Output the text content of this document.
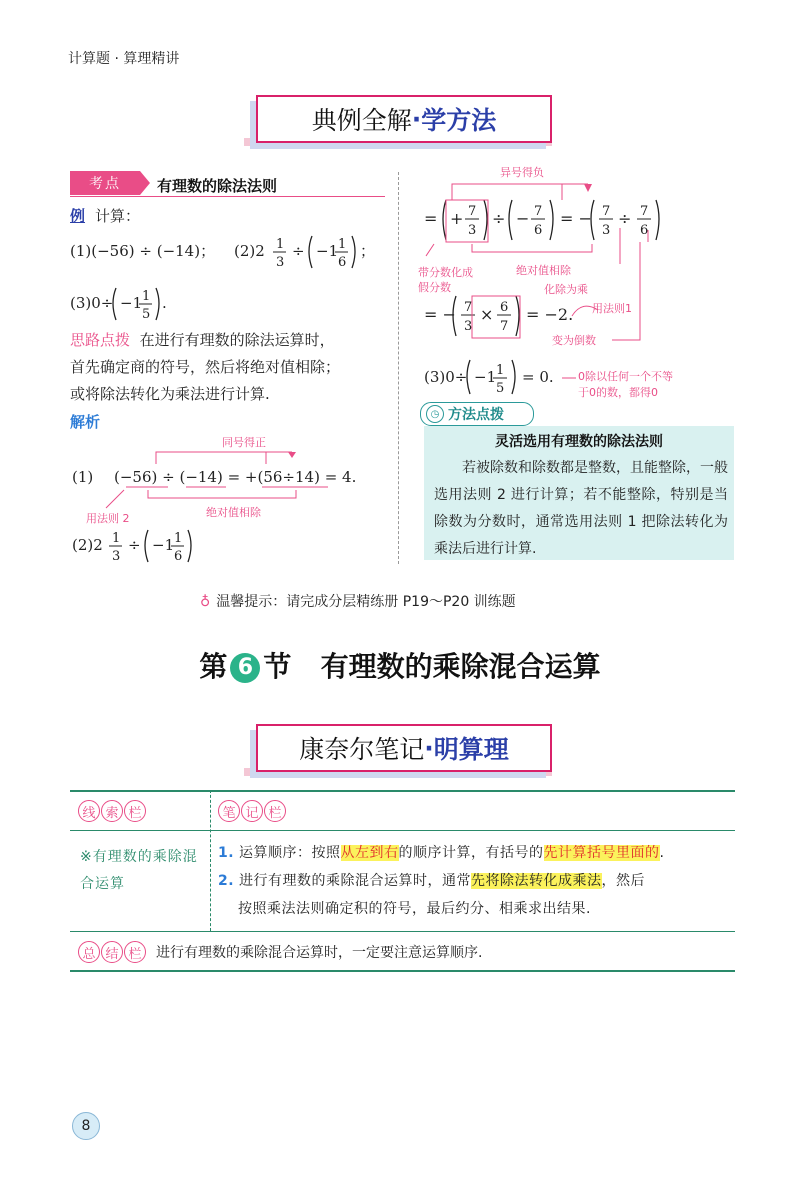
计算题 · 算理精讲
典例全解 · 学方法
考点	有理数的除法法则
例 计算：
(1)(−56) ÷ (−14)； (2)2 1
3
÷ −1 1
6
；
(3)0÷ −1 1
5
.
思路点拨 在进行有理数的除法运算时，
首先确定商的符号，然后将绝对值相除；
或将除法转化为乘法进行计算.
解析
同号得正
(1) (−56) ÷ (−14) = +(56÷14) = 4.
用法则 2	绝对值相除
(2)2 1
3
÷ −1 1
6
异号得负
= + 7
3
÷ − 7
6
= − 7
3
÷ 7
6
带分数化成
假分数
绝对值相除
化除为乘
= − 7
3
× 6
7
= −2. 用法则1
变为倒数
(3)0÷ −1 1
5
= 0. 0除以任何一个不等
于0的数，都得0
◷ 方法点拨
灵活选用有理数的除法法则
若被除数和除数都是整数，且能整除，一般选用法则 2 进行计算；若不能整除，特别是当除数为分数时，通常选用法则 1 把除法转化为乘法后进行计算.
♁ 温馨提示：请完成分层精练册 P19～P20 训练题
第 6 节 有理数的乘除混合运算
康奈尔笔记 · 明算理
线 索 栏	笔 记 栏
※有理数的乘除混合运算
1. 运算顺序：按照从左到右的顺序计算，有括号的先计算括号里面的.
2. 进行有理数的乘除混合运算时，通常先将除法转化成乘法，然后
按照乘法法则确定积的符号，最后约分、相乘求出结果.
总 结 栏	进行有理数的乘除混合运算时，一定要注意运算顺序.
8
